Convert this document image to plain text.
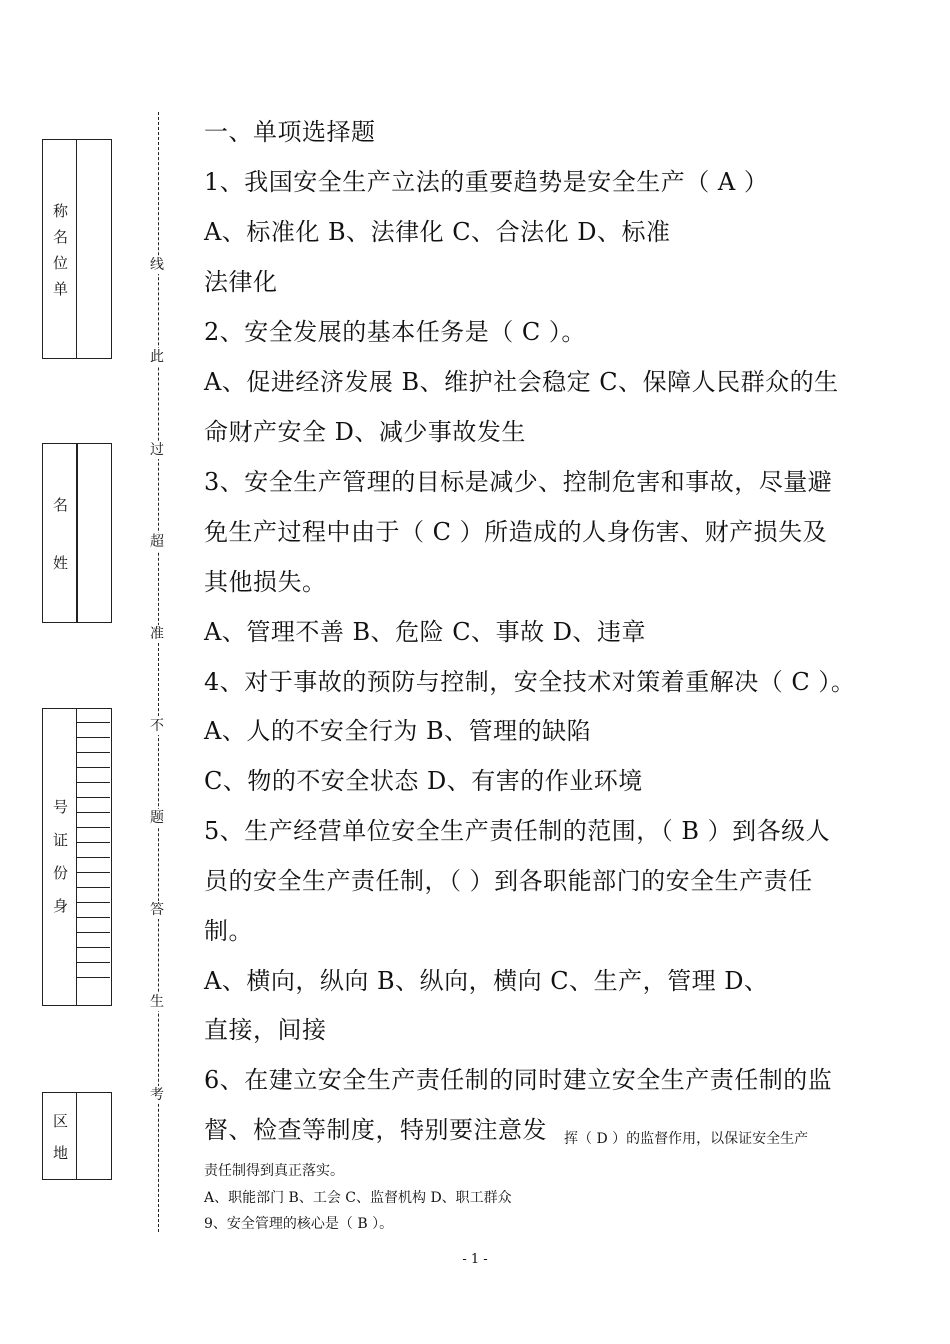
称
名
位
单
名
姓
号
证
份
身
区
地
线
此
过
超
准
不
题
答
生
考
一、单项选择题
1、我国安全生产立法的重要趋势是安全生产（ A ）
A、标准化 B、法律化 C、合法化 D、标准
法律化
2、安全发展的基本任务是（ C ）。
A、促进经济发展 B、维护社会稳定 C、保障人民群众的生
命财产安全 D、减少事故发生
3、安全生产管理的目标是减少、控制危害和事故，尽量避
免生产过程中由于（ C ）所造成的人身伤害、财产损失及
其他损失。
A、管理不善 B、危险 C、事故 D、违章
4、对于事故的预防与控制，安全技术对策着重解决（ C ）。
A、人的不安全行为 B、管理的缺陷
C、物的不安全状态 D、有害的作业环境
5、生产经营单位安全生产责任制的范围，（ B ）到各级人
员的安全生产责任制，（ ）到各职能部门的安全生产责任
制。
A、横向，纵向 B、纵向，横向 C、生产，管理 D、
直接，间接
6、在建立安全生产责任制的同时建立安全生产责任制的监
督、检查等制度，特别要注意发 挥（ D ）的监督作用，以保证安全生产
责任制得到真正落实。
A、职能部门 B、工会 C、监督机构 D、职工群众
9、安全管理的核心是（ B ）。
- 1 -
